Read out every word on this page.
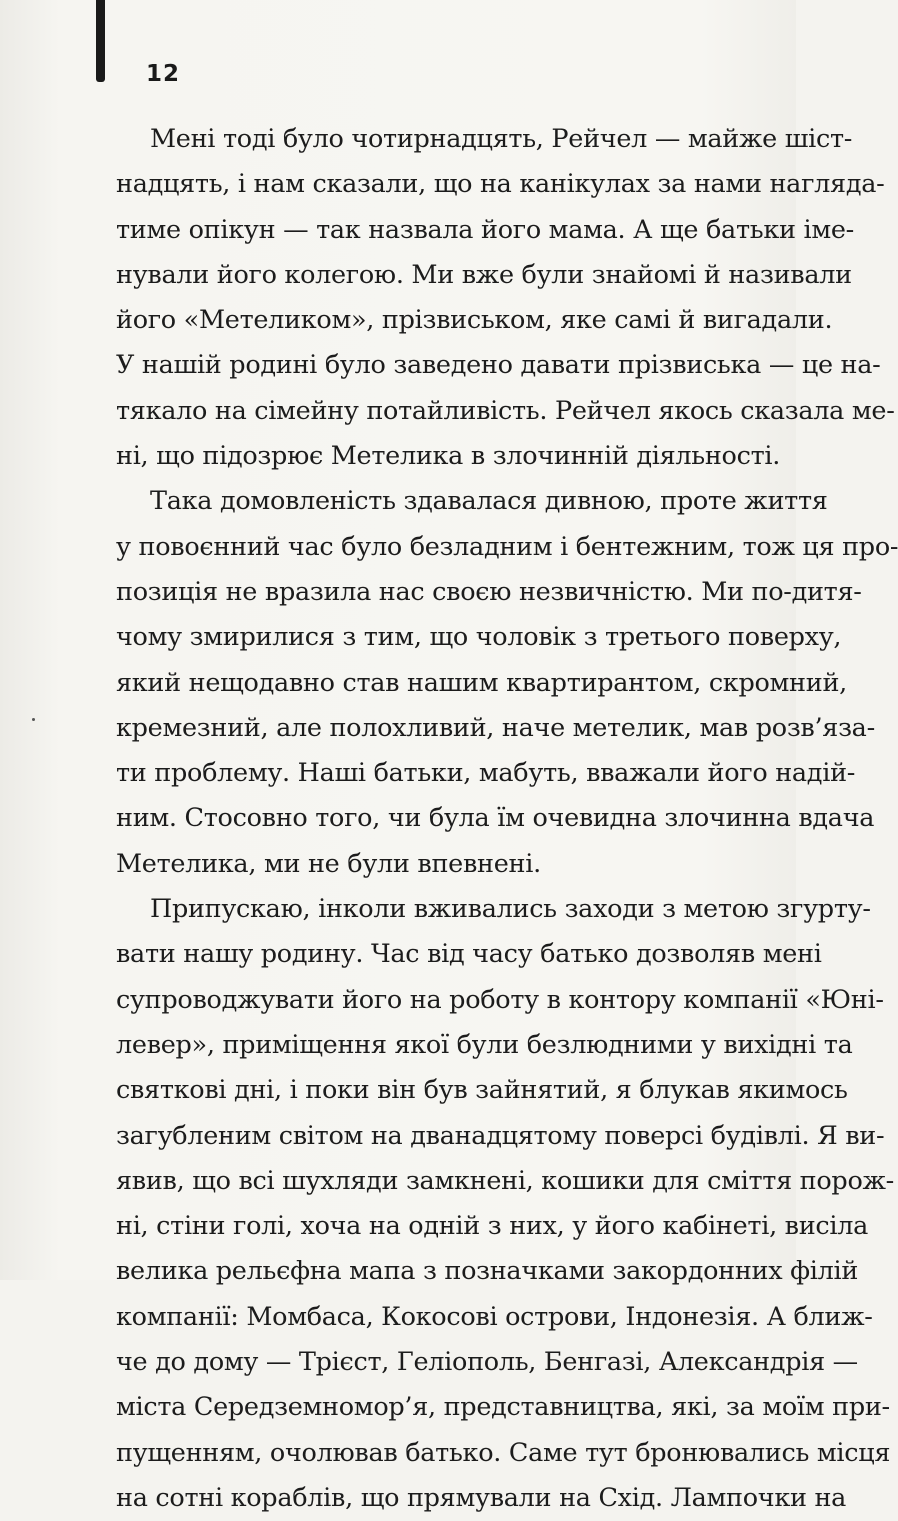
12
Мені тоді було чотирнадцять, Рейчел — майже шіст-
надцять, і нам сказали, що на канікулах за нами нагляда-
тиме опікун — так назвала його мама. А ще батьки іме-
нували його колегою. Ми вже були знайомі й називали
його «Метеликом», прізвиськом, яке самі й вигадали.
У нашій родині було заведено давати прізвиська — це на-
тякало на сімейну потайливість. Рейчел якось сказала ме-
ні, що підозрює Метелика в злочинній діяльності.
Така домовленість здавалася дивною, проте життя
у повоєнний час було безладним і бентежним, тож ця про-
позиція не вразила нас своєю незвичністю. Ми по-дитя-
чому змирилися з тим, що чоловік з третього поверху,
який нещодавно став нашим квартирантом, скромний,
кремезний, але полохливий, наче метелик, мав розв’яза-
ти проблему. Наші батьки, мабуть, вважали його надій-
ним. Стосовно того, чи була їм очевидна злочинна вдача
Метелика, ми не були впевнені.
Припускаю, інколи вживались заходи з метою згурту-
вати нашу родину. Час від часу батько дозволяв мені
супроводжувати його на роботу в контору компанії «Юні-
левер», приміщення якої були безлюдними у вихідні та
святкові дні, і поки він був зайнятий, я блукав якимось
загубленим світом на дванадцятому поверсі будівлі. Я ви-
явив, що всі шухляди замкнені, кошики для сміття порож-
ні, стіни голі, хоча на одній з них, у його кабінеті, висіла
велика рельєфна мапа з позначками закордонних філій
компанії: Момбаса, Кокосові острови, Індонезія. А ближ-
че до дому — Трієст, Геліополь, Бенгазі, Александрія —
міста Середземномор’я, представництва, які, за моїм при-
пущенням, очолював батько. Саме тут бронювались місця
на сотні кораблів, що прямували на Схід. Лампочки на
